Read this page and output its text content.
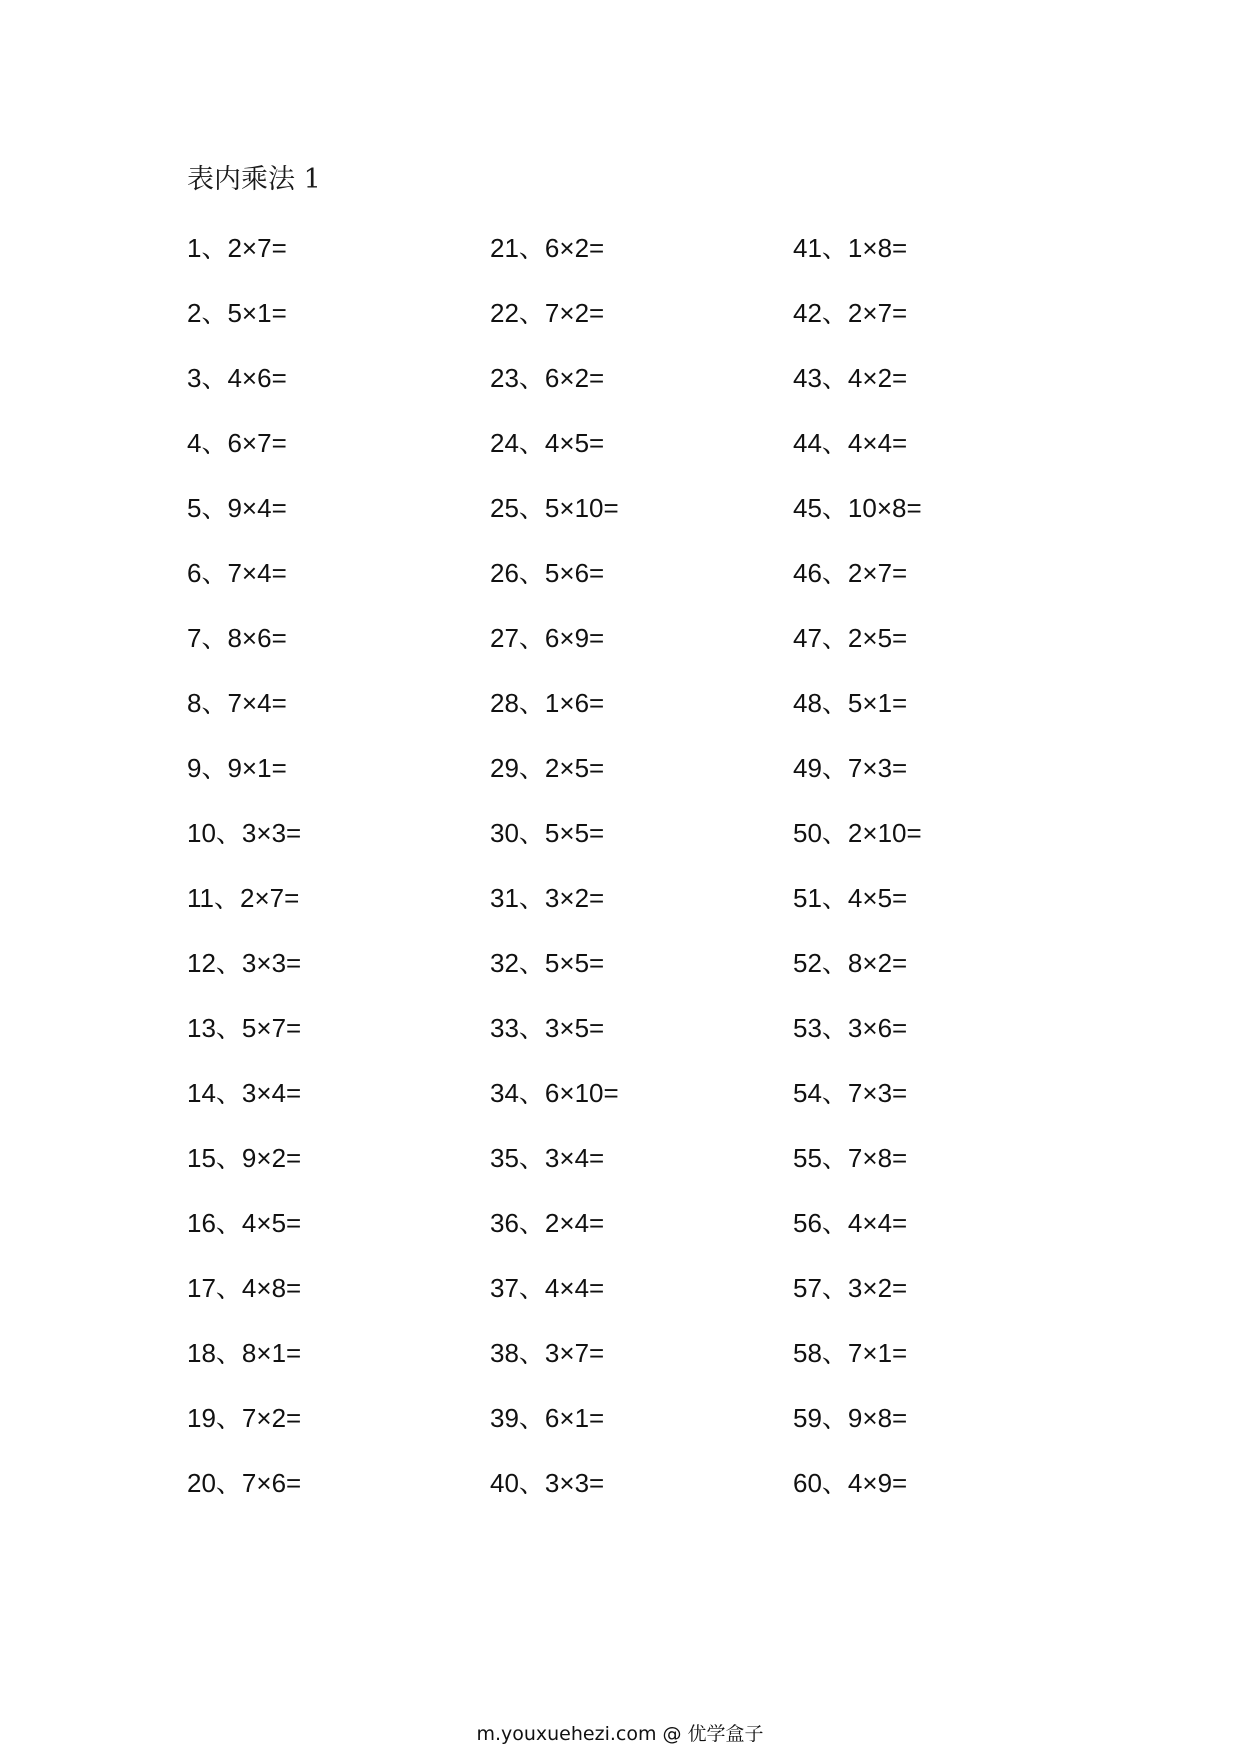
表内乘法 1
1、2×7=
2、5×1=
3、4×6=
4、6×7=
5、9×4=
6、7×4=
7、8×6=
8、7×4=
9、9×1=
10、3×3=
11、2×7=
12、3×3=
13、5×7=
14、3×4=
15、9×2=
16、4×5=
17、4×8=
18、8×1=
19、7×2=
20、7×6=
21、6×2=
22、7×2=
23、6×2=
24、4×5=
25、5×10=
26、5×6=
27、6×9=
28、1×6=
29、2×5=
30、5×5=
31、3×2=
32、5×5=
33、3×5=
34、6×10=
35、3×4=
36、2×4=
37、4×4=
38、3×7=
39、6×1=
40、3×3=
41、1×8=
42、2×7=
43、4×2=
44、4×4=
45、10×8=
46、2×7=
47、2×5=
48、5×1=
49、7×3=
50、2×10=
51、4×5=
52、8×2=
53、3×6=
54、7×3=
55、7×8=
56、4×4=
57、3×2=
58、7×1=
59、9×8=
60、4×9=
m.youxuehezi.com @ 优学盒子
